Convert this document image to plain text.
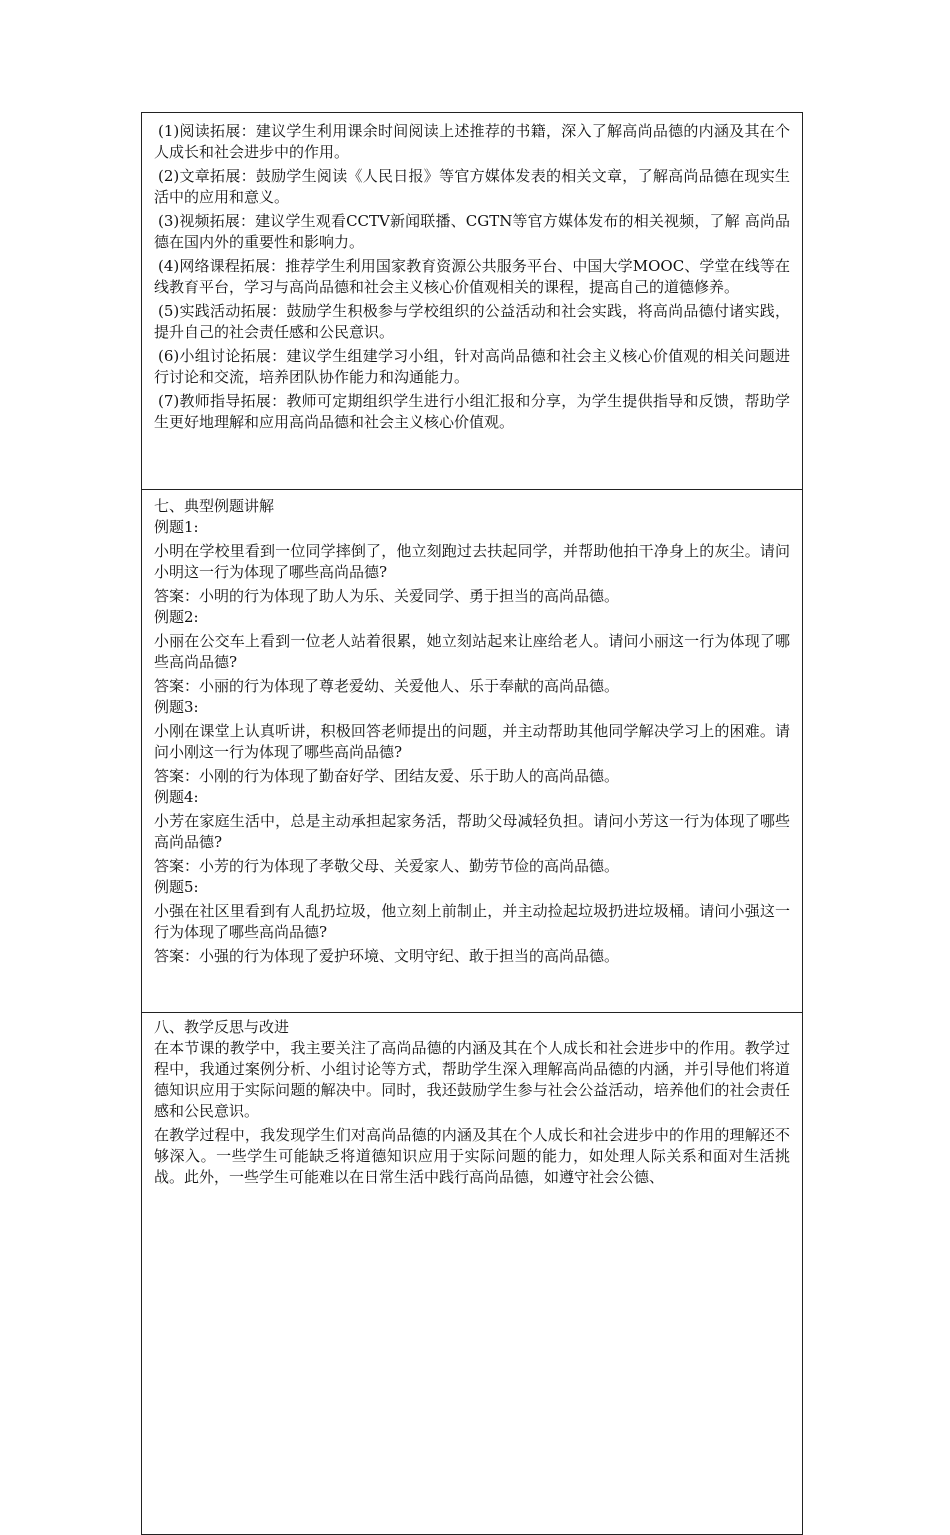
(1)阅读拓展：建议学生利用课余时间阅读上述推荐的书籍，深入了解高尚品德的内涵及其在个人成长和社会进步中的作用。

(2)文章拓展：鼓励学生阅读《人民日报》等官方媒体发表的相关文章，了解高尚品德在现实生活中的应用和意义。

(3)视频拓展：建议学生观看CCTV新闻联播、CGTN等官方媒体发布的相关视频，了解 高尚品德在国内外的重要性和影响力。

(4)网络课程拓展：推荐学生利用国家教育资源公共服务平台、中国大学MOOC、学堂在线等在线教育平台，学习与高尚品德和社会主义核心价值观相关的课程，提高自己的道德修养。

(5)实践活动拓展：鼓励学生积极参与学校组织的公益活动和社会实践，将高尚品德付诸实践，提升自己的社会责任感和公民意识。

(6)小组讨论拓展：建议学生组建学习小组，针对高尚品德和社会主义核心价值观的相关问题进行讨论和交流，培养团队协作能力和沟通能力。

(7)教师指导拓展：教师可定期组织学生进行小组汇报和分享，为学生提供指导和反馈，帮助学生更好地理解和应用高尚品德和社会主义核心价值观。

七、典型例题讲解

例题1:

小明在学校里看到一位同学摔倒了，他立刻跑过去扶起同学，并帮助他拍干净身上的灰尘。请问小明这一行为体现了哪些高尚品德?

答案：小明的行为体现了助人为乐、关爱同学、勇于担当的高尚品德。

例题2:

小丽在公交车上看到一位老人站着很累，她立刻站起来让座给老人。请问小丽这一行为体现了哪些高尚品德?

答案：小丽的行为体现了尊老爱幼、关爱他人、乐于奉献的高尚品德。

例题3:

小刚在课堂上认真听讲，积极回答老师提出的问题，并主动帮助其他同学解决学习上的困难。请问小刚这一行为体现了哪些高尚品德?

答案：小刚的行为体现了勤奋好学、团结友爱、乐于助人的高尚品德。

例题4:

小芳在家庭生活中，总是主动承担起家务活，帮助父母减轻负担。请问小芳这一行为体现了哪些高尚品德?

答案：小芳的行为体现了孝敬父母、关爱家人、勤劳节俭的高尚品德。

例题5:

小强在社区里看到有人乱扔垃圾，他立刻上前制止，并主动捡起垃圾扔进垃圾桶。请问小强这一行为体现了哪些高尚品德?

答案：小强的行为体现了爱护环境、文明守纪、敢于担当的高尚品德。

八、教学反思与改进

在本节课的教学中，我主要关注了高尚品德的内涵及其在个人成长和社会进步中的作用。教学过程中，我通过案例分析、小组讨论等方式，帮助学生深入理解高尚品德的内涵，并引导他们将道德知识应用于实际问题的解决中。同时，我还鼓励学生参与社会公益活动，培养他们的社会责任感和公民意识。

在教学过程中，我发现学生们对高尚品德的内涵及其在个人成长和社会进步中的作用的理解还不够深入。一些学生可能缺乏将道德知识应用于实际问题的能力，如处理人际关系和面对生活挑战。此外，一些学生可能难以在日常生活中践行高尚品德，如遵守社会公德、
